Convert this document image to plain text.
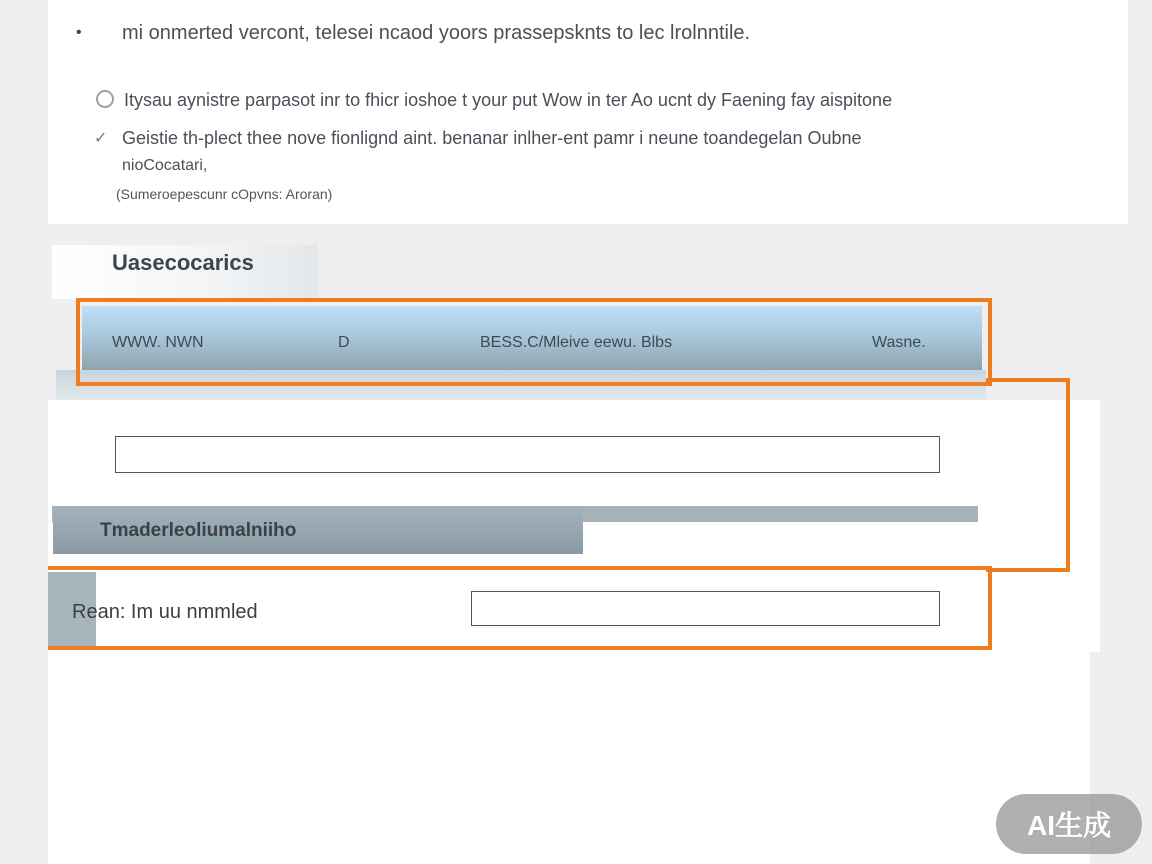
• mi onmerted vercont, telesei ncaod yoors prassepsknts to lec lrolnntile.
Itysau aynistre parpasot inr to fhicr ioshoe t your put Wow in ter Ao ucnt dy Faening fay aispitone
✓ Geistie th-plect thee nove fionlignd aint. benanar inlher-ent pamr i neune toandegelan Oubne
nioCocatari,
(Sumeroepescunr cOpvns: Aroran)
Uasecocarics
WWW. NWN	D	BESS.C/Mleive eewu. Blbs	Wasne.
Tmaderleoliumalniiho
Rean: Im uu nmmled
AI生成
